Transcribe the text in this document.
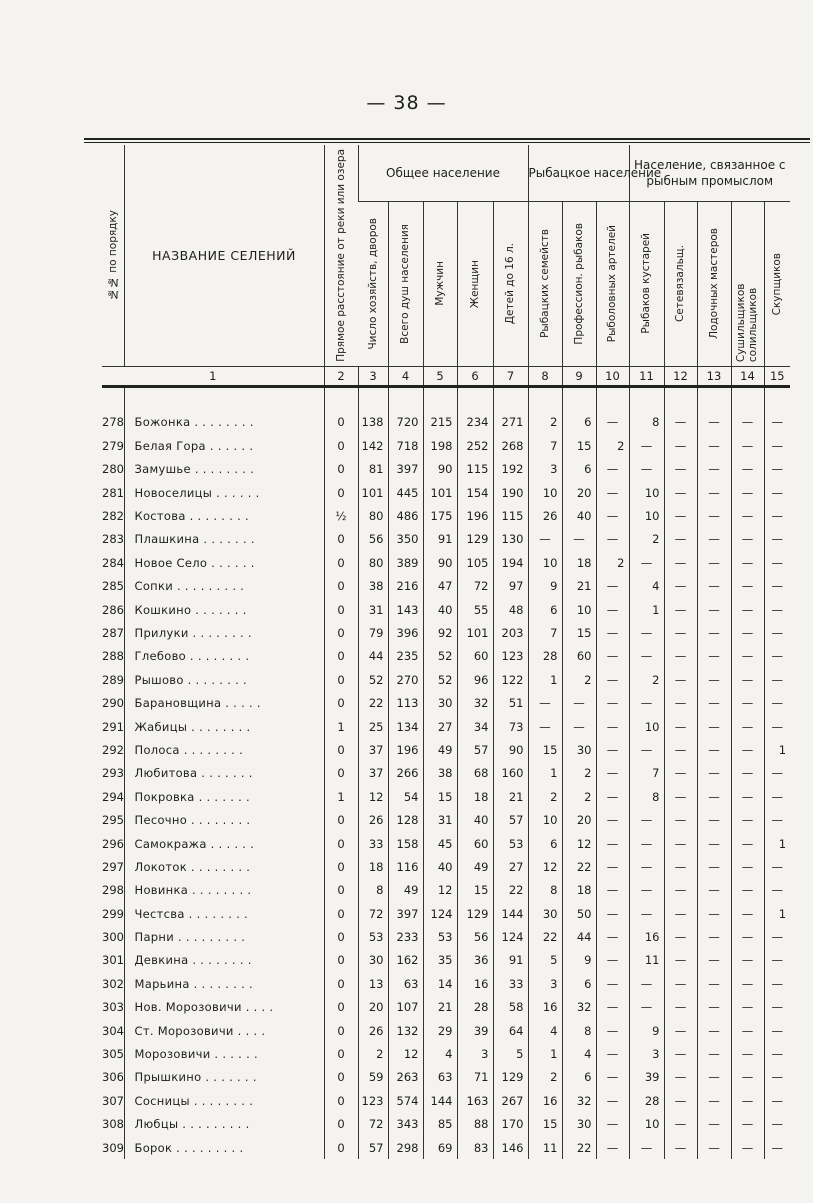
— 38 —
№№ по порядку	НАЗВАНИЕ СЕЛЕНИЙ	Прямое расстояние от реки или озера	Общее население					Рыбацкое население			Население, связанное с рыбным промыслом				

			Число хозяйств, дворов	Всего душ населения	Мужчин	Женщин	Детей до 16 л.	Рыбацких семейств	Профессион. рыбаков	Рыболовных артелей	Рыбаков кустарей	Сетевязальщ.	Лодочных мастеров	Сушильщиков солильщиков	Скупщиков

1		2	3	4	5	6	7	8	9	10	11	12	13	14	15

278	Божонка . . . . . . . .	0	138	720	215	234	271	2	6	—	8	—	—	—	—
279	Белая Гора . . . . . .	0	142	718	198	252	268	7	15	2	—	—	—	—	—
280	Замушье . . . . . . . .	0	81	397	90	115	192	3	6	—	—	—	—	—	—
281	Новоселицы . . . . . .	0	101	445	101	154	190	10	20	—	10	—	—	—	—
282	Костова . . . . . . . .	½	80	486	175	196	115	26	40	—	10	—	—	—	—
283	Плашкина . . . . . . .	0	56	350	91	129	130	—	—	—	2	—	—	—	—
284	Новое Село . . . . . .	0	80	389	90	105	194	10	18	2	—	—	—	—	—
285	Сопки . . . . . . . . .	0	38	216	47	72	97	9	21	—	4	—	—	—	—
286	Кошкино . . . . . . .	0	31	143	40	55	48	6	10	—	1	—	—	—	—
287	Прилуки . . . . . . . .	0	79	396	92	101	203	7	15	—	—	—	—	—	—
288	Глебово . . . . . . . .	0	44	235	52	60	123	28	60	—	—	—	—	—	—
289	Рышово . . . . . . . .	0	52	270	52	96	122	1	2	—	2	—	—	—	—
290	Барановщина . . . . .	0	22	113	30	32	51	—	—	—	—	—	—	—	—
291	Жабицы . . . . . . . .	1	25	134	27	34	73	—	—	—	10	—	—	—	—
292	Полоса . . . . . . . .	0	37	196	49	57	90	15	30	—	—	—	—	—	1
293	Любитова . . . . . . .	0	37	266	38	68	160	1	2	—	7	—	—	—	—
294	Покровка . . . . . . .	1	12	54	15	18	21	2	2	—	8	—	—	—	—
295	Песочно . . . . . . . .	0	26	128	31	40	57	10	20	—	—	—	—	—	—
296	Самокража . . . . . .	0	33	158	45	60	53	6	12	—	—	—	—	—	1
297	Локоток . . . . . . . .	0	18	116	40	49	27	12	22	—	—	—	—	—	—
298	Новинка . . . . . . . .	0	8	49	12	15	22	8	18	—	—	—	—	—	—
299	Честсва . . . . . . . .	0	72	397	124	129	144	30	50	—	—	—	—	—	1
300	Парни . . . . . . . . .	0	53	233	53	56	124	22	44	—	16	—	—	—	—
301	Девкина . . . . . . . .	0	30	162	35	36	91	5	9	—	11	—	—	—	—
302	Марьина . . . . . . . .	0	13	63	14	16	33	3	6	—	—	—	—	—	—
303	Нов. Морозовичи . . . .	0	20	107	21	28	58	16	32	—	—	—	—	—	—
304	Ст. Морозовичи . . . .	0	26	132	29	39	64	4	8	—	9	—	—	—	—
305	Морозовичи . . . . . .	0	2	12	4	3	5	1	4	—	3	—	—	—	—
306	Прышкино . . . . . . .	0	59	263	63	71	129	2	6	—	39	—	—	—	—
307	Сосницы . . . . . . . .	0	123	574	144	163	267	16	32	—	28	—	—	—	—
308	Любцы . . . . . . . . .	0	72	343	85	88	170	15	30	—	10	—	—	—	—
309	Борок . . . . . . . . .	0	57	298	69	83	146	11	22	—	—	—	—	—	—
